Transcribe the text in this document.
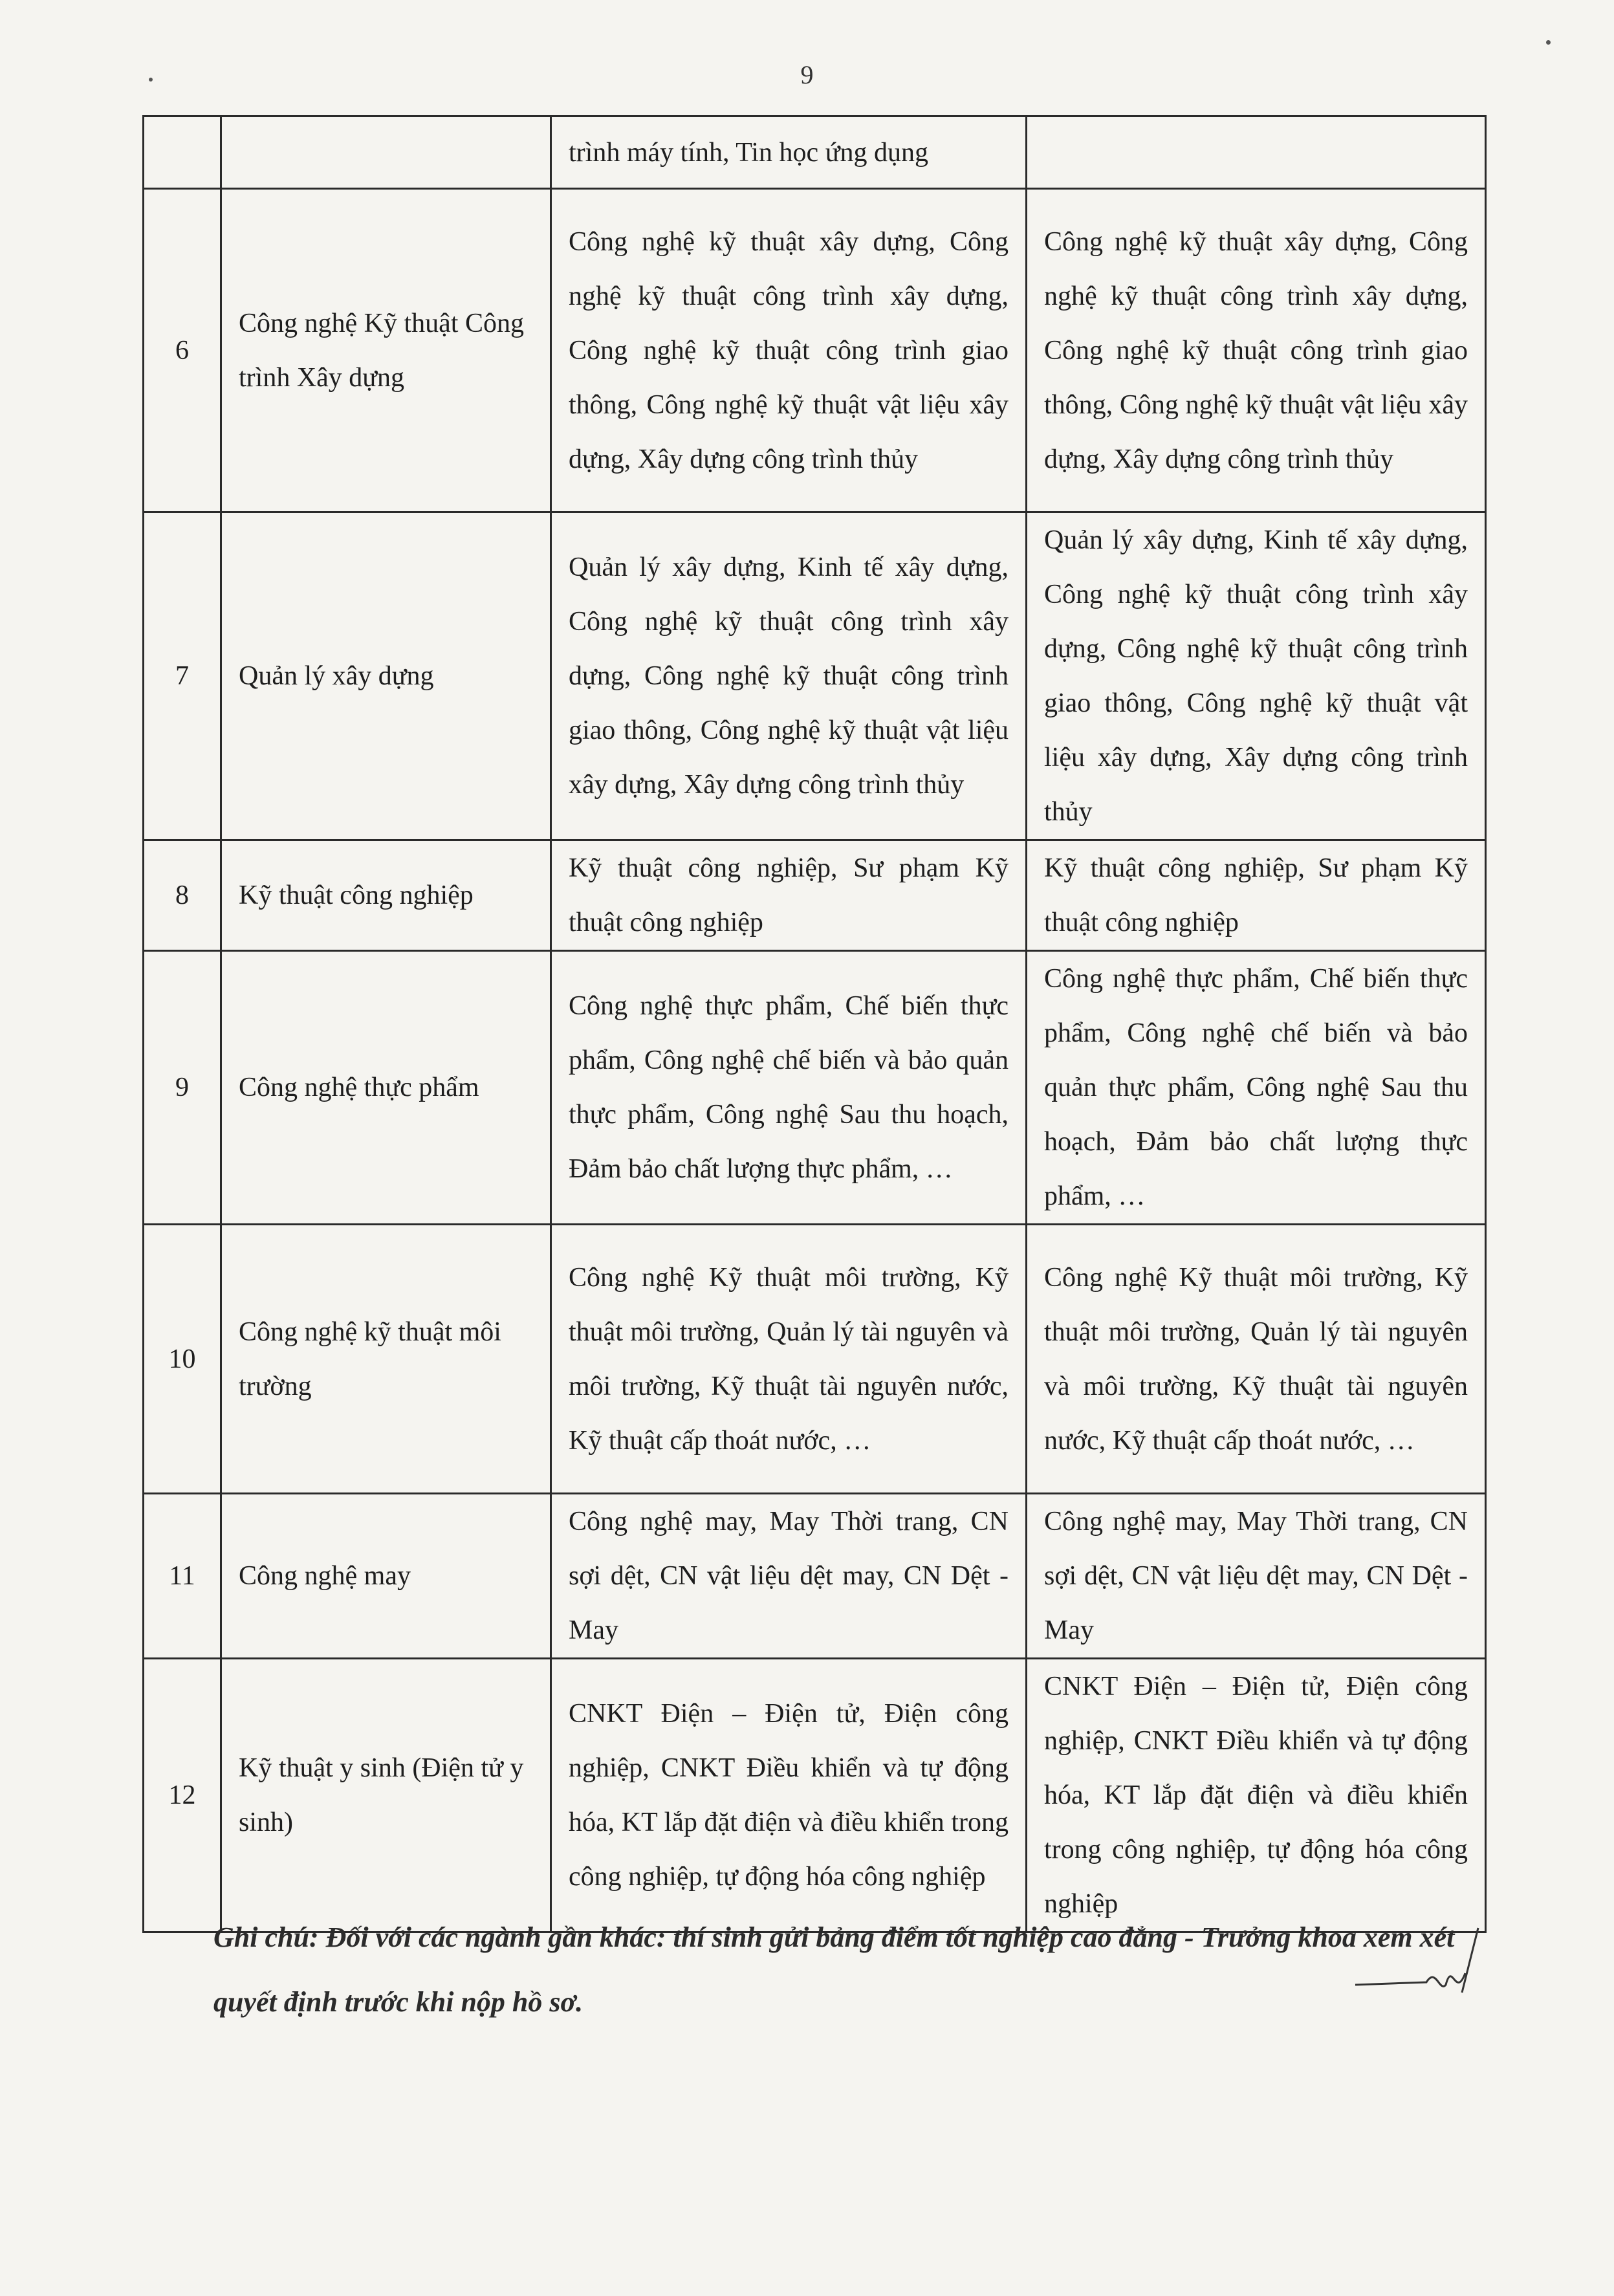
9
		trình máy tính, Tin học ứng dụng	
6	Công nghệ Kỹ thuật Công trình Xây dựng	Công nghệ kỹ thuật xây dựng, Công nghệ kỹ thuật công trình xây dựng, Công nghệ kỹ thuật công trình giao thông, Công nghệ kỹ thuật vật liệu xây dựng, Xây dựng công trình thủy	Công nghệ kỹ thuật xây dựng, Công nghệ kỹ thuật công trình xây dựng, Công nghệ kỹ thuật công trình giao thông, Công nghệ kỹ thuật vật liệu xây dựng, Xây dựng công trình thủy
7	Quản lý xây dựng	Quản lý xây dựng, Kinh tế xây dựng, Công nghệ kỹ thuật công trình xây dựng, Công nghệ kỹ thuật công trình giao thông, Công nghệ kỹ thuật vật liệu xây dựng, Xây dựng công trình thủy	Quản lý xây dựng, Kinh tế xây dựng, Công nghệ kỹ thuật công trình xây dựng, Công nghệ kỹ thuật công trình giao thông, Công nghệ kỹ thuật vật liệu xây dựng, Xây dựng công trình thủy
8	Kỹ thuật công nghiệp	Kỹ thuật công nghiệp, Sư phạm Kỹ thuật công nghiệp	Kỹ thuật công nghiệp, Sư phạm Kỹ thuật công nghiệp
9	Công nghệ thực phẩm	Công nghệ thực phẩm, Chế biến thực phẩm, Công nghệ chế biến và bảo quản thực phẩm, Công nghệ Sau thu hoạch, Đảm bảo chất lượng thực phẩm, …	Công nghệ thực phẩm, Chế biến thực phẩm, Công nghệ chế biến và bảo quản thực phẩm, Công nghệ Sau thu hoạch, Đảm bảo chất lượng thực phẩm, …
10	Công nghệ kỹ thuật môi trường	Công nghệ Kỹ thuật môi trường, Kỹ thuật môi trường, Quản lý tài nguyên và môi trường, Kỹ thuật tài nguyên nước, Kỹ thuật cấp thoát nước, …	Công nghệ Kỹ thuật môi trường, Kỹ thuật môi trường, Quản lý tài nguyên và môi trường, Kỹ thuật tài nguyên nước, Kỹ thuật cấp thoát nước, …
11	Công nghệ may	Công nghệ may, May Thời trang, CN sợi dệt, CN vật liệu dệt may, CN Dệt - May	Công nghệ may, May Thời trang, CN sợi dệt, CN vật liệu dệt may, CN Dệt - May
12	Kỹ thuật y sinh (Điện tử y sinh)	CNKT Điện – Điện tử, Điện công nghiệp, CNKT Điều khiển và tự động hóa, KT lắp đặt điện và điều khiển trong công nghiệp, tự động hóa công nghiệp	CNKT Điện – Điện tử, Điện công nghiệp, CNKT Điều khiển và tự động hóa, KT lắp đặt điện và điều khiển trong công nghiệp, tự động hóa công nghiệp
Ghi chú: Đối với các ngành gần khác: thí sinh gửi bảng điểm tốt nghiệp cao đẳng - Trưởng khoa xem xét quyết định trước khi nộp hồ sơ.
